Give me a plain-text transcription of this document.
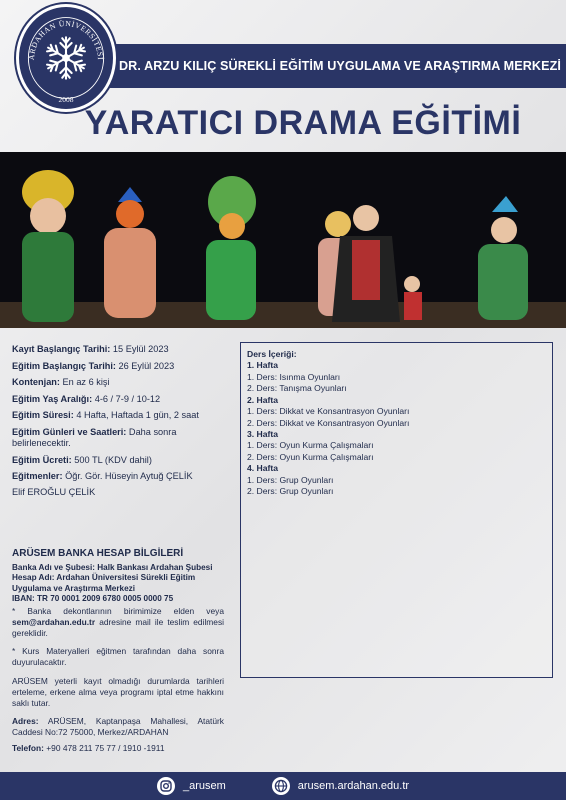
DR. ARZU KILIÇ SÜREKLİ EĞİTİM UYGULAMA VE ARAŞTIRMA MERKEZİ
ARDAHAN ÜNİVERSİTESİ
2008
YARATICI DRAMA EĞİTİMİ
Kayıt Başlangıç Tarihi: 15 Eylül 2023
Eğitim Başlangıç Tarihi: 26 Eylül 2023
Kontenjan: En az 6 kişi
Eğitim Yaş Aralığı: 4-6 / 7-9 / 10-12
Eğitim Süresi: 4 Hafta, Haftada 1 gün, 2 saat
Eğitim Günleri ve Saatleri: Daha sonra belirlenecektir.
Eğitim Ücreti: 500 TL (KDV dahil)
Eğitmenler: Öğr. Gör. Hüseyin Aytuğ ÇELİK
Elif EROĞLU ÇELİK
Ders İçeriği:
1. Hafta
1. Ders: Isınma Oyunları
2. Ders: Tanışma Oyunları
2. Hafta
1. Ders: Dikkat ve Konsantrasyon Oyunları
2. Ders: Dikkat ve Konsantrasyon Oyunları
3. Hafta
1. Ders: Oyun Kurma Çalışmaları
2. Ders: Oyun Kurma Çalışmaları
4. Hafta
1. Ders: Grup Oyunları
2. Ders: Grup Oyunları
ARÜSEM BANKA HESAP BİLGİLERİ
Banka Adı ve Şubesi: Halk Bankası Ardahan Şubesi
Hesap Adı: Ardahan Üniversitesi Sürekli Eğitim Uygulama ve Araştırma Merkezi
IBAN: TR 70 0001 2009 6780 0005 0000 75
* Banka dekontlarının birimimize elden veya sem@ardahan.edu.tr adresine mail ile teslim edilmesi gereklidir.
* Kurs Materyalleri eğitmen tarafından daha sonra duyurulacaktır.
ARÜSEM yeterli kayıt olmadığı durumlarda tarihleri erteleme, erkene alma veya programı iptal etme hakkını saklı tutar.
Adres: ARÜSEM, Kaptanpaşa Mahallesi, Atatürk Caddesi No:72 75000, Merkez/ARDAHAN
Telefon: +90 478 211 75 77 / 1910 -1911
_arusem	arusem.ardahan.edu.tr
